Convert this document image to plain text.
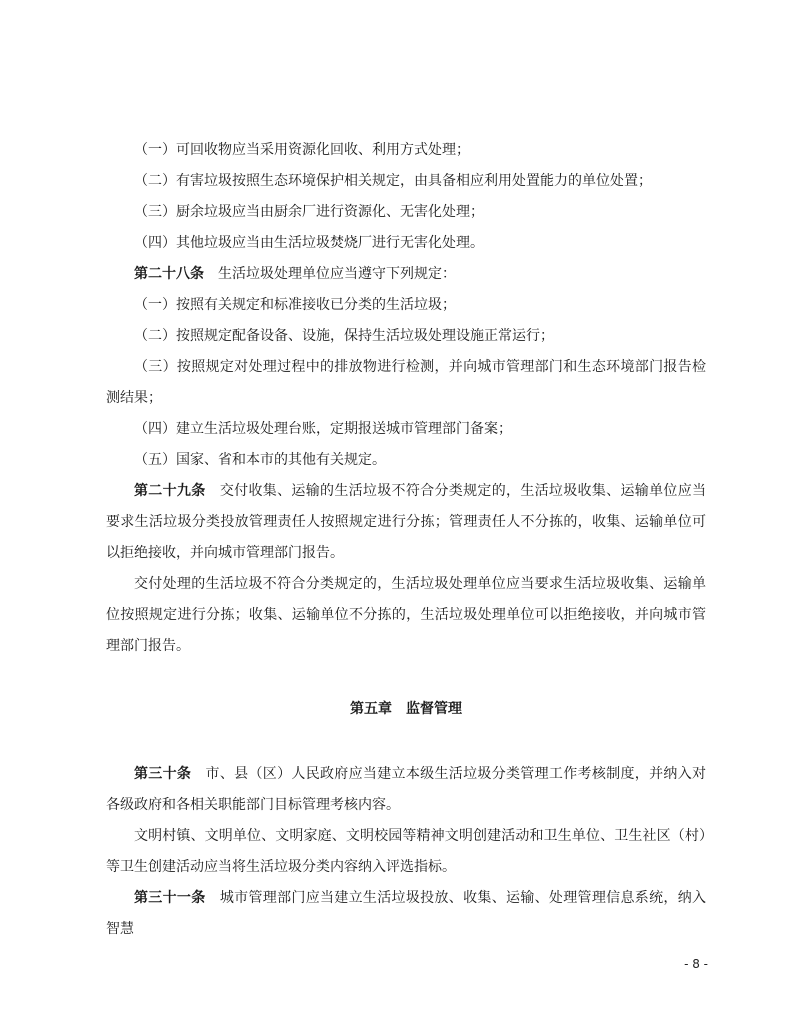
（一）可回收物应当采用资源化回收、利用方式处理；

（二）有害垃圾按照生态环境保护相关规定，由具备相应利用处置能力的单位处置；

（三）厨余垃圾应当由厨余厂进行资源化、无害化处理；

（四）其他垃圾应当由生活垃圾焚烧厂进行无害化处理。

第二十八条 生活垃圾处理单位应当遵守下列规定：

（一）按照有关规定和标准接收已分类的生活垃圾；

（二）按照规定配备设备、设施，保持生活垃圾处理设施正常运行；

（三）按照规定对处理过程中的排放物进行检测，并向城市管理部门和生态环境部门报告检测结果；

（四）建立生活垃圾处理台账，定期报送城市管理部门备案；

（五）国家、省和本市的其他有关规定。

第二十九条 交付收集、运输的生活垃圾不符合分类规定的，生活垃圾收集、运输单位应当要求生活垃圾分类投放管理责任人按照规定进行分拣；管理责任人不分拣的，收集、运输单位可以拒绝接收，并向城市管理部门报告。

交付处理的生活垃圾不符合分类规定的，生活垃圾处理单位应当要求生活垃圾收集、运输单位按照规定进行分拣；收集、运输单位不分拣的，生活垃圾处理单位可以拒绝接收，并向城市管理部门报告。

第五章 监督管理

第三十条 市、县（区）人民政府应当建立本级生活垃圾分类管理工作考核制度，并纳入对各级政府和各相关职能部门目标管理考核内容。

文明村镇、文明单位、文明家庭、文明校园等精神文明创建活动和卫生单位、卫生社区（村）等卫生创建活动应当将生活垃圾分类内容纳入评选指标。

第三十一条 城市管理部门应当建立生活垃圾投放、收集、运输、处理管理信息系统，纳入智慧

- 8 -
